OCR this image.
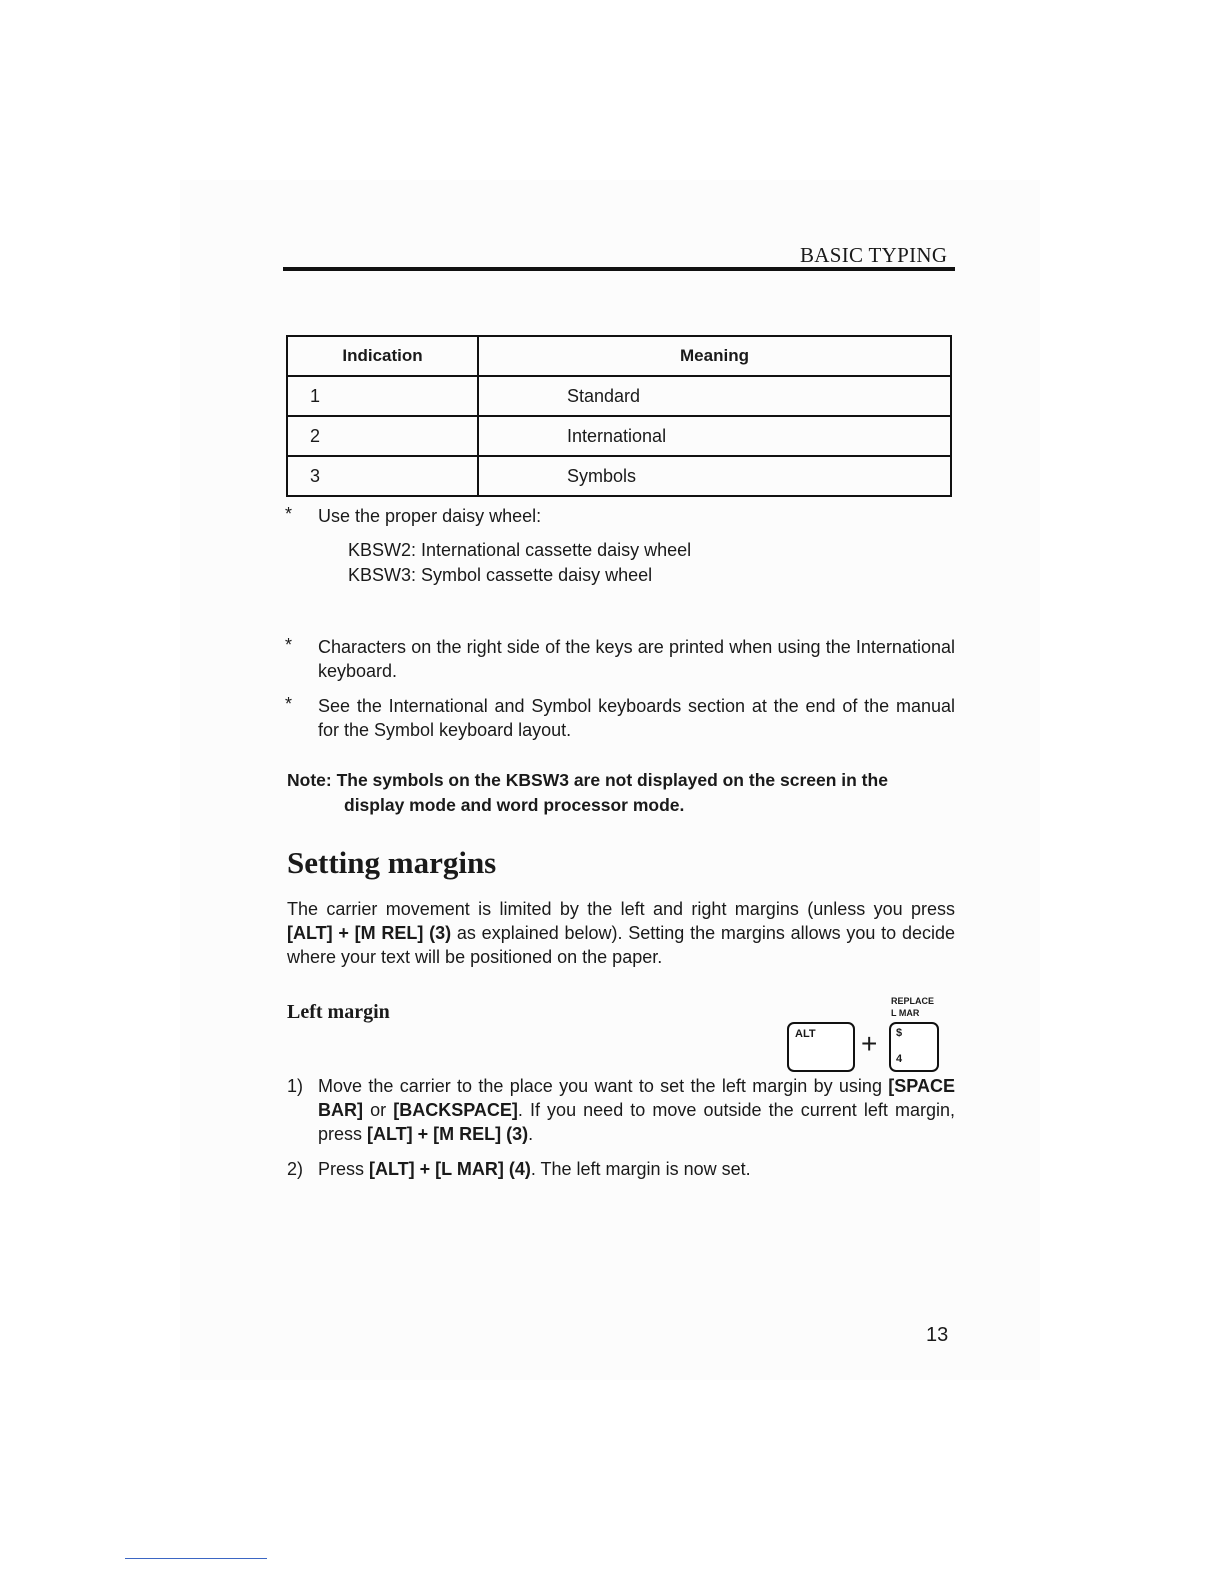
BASIC TYPING
Indication	Meaning
1	Standard
2	International
3	Symbols
* Use the proper daisy wheel:
KBSW2: International cassette daisy wheel
KBSW3: Symbol cassette daisy wheel
* Characters on the right side of the keys are printed when using the International keyboard.
* See the International and Symbol keyboards section at the end of the manual for the Symbol keyboard layout.
Note: The symbols on the KBSW3 are not displayed on the screen in the
display mode and word processor mode.
Setting margins
The carrier movement is limited by the left and right margins (unless you press [ALT] + [M REL] (3) as explained below). Setting the margins allows you to decide where your text will be positioned on the paper.
Left margin
ALT +
REPLACE
L MAR
$
4
1) Move the carrier to the place you want to set the left margin by using [SPACE BAR] or [BACKSPACE]. If you need to move outside the current left margin, press [ALT] + [M REL] (3).
2) Press [ALT] + [L MAR] (4). The left margin is now set.
13
